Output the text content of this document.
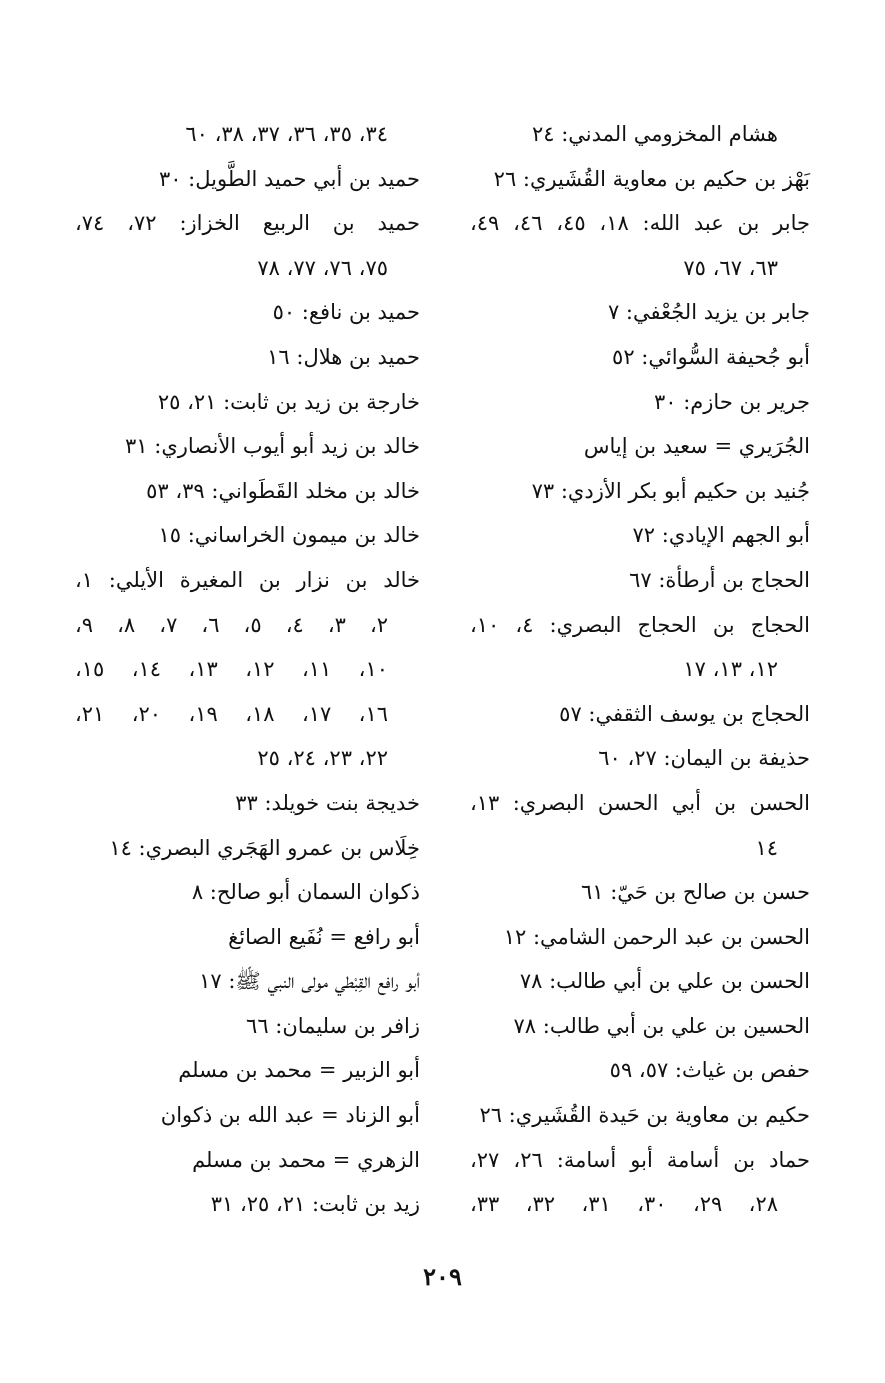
هشام المخزومي المدني: ٢٤
بَهْز بن حكيم بن معاوية القُشَيري: ٢٦
جابر بن عبد الله: ١٨، ٤٥، ٤٦، ٤٩،
٦٣، ٦٧، ٧٥
جابر بن يزيد الجُعْفي: ٧
أبو جُحيفة السُّوائي: ٥٢
جرير بن حازم: ٣٠
الجُرَيري = سعيد بن إياس
جُنيد بن حكيم أبو بكر الأزدي: ٧٣
أبو الجهم الإيادي: ٧٢
الحجاج بن أرطأة: ٦٧
الحجاج بن الحجاج البصري: ٤، ١٠،
١٢، ١٣، ١٧
الحجاج بن يوسف الثقفي: ٥٧
حذيفة بن اليمان: ٢٧، ٦٠
الحسن بن أبي الحسن البصري: ١٣،
١٤
حسن بن صالح بن حَيّ: ٦١
الحسن بن عبد الرحمن الشامي: ١٢
الحسن بن علي بن أبي طالب: ٧٨
الحسين بن علي بن أبي طالب: ٧٨
حفص بن غياث: ٥٧، ٥٩
حكيم بن معاوية بن حَيدة القُشَيري: ٢٦
حماد بن أسامة أبو أسامة: ٢٦، ٢٧،
٢٨، ٢٩، ٣٠، ٣١، ٣٢، ٣٣،
٣٤، ٣٥، ٣٦، ٣٧، ٣٨، ٦٠
حميد بن أبي حميد الطَّويل: ٣٠
حميد بن الربيع الخزاز: ٧٢، ٧٤،
٧٥، ٧٦، ٧٧، ٧٨
حميد بن نافع: ٥٠
حميد بن هلال: ١٦
خارجة بن زيد بن ثابت: ٢١، ٢٥
خالد بن زيد أبو أيوب الأنصاري: ٣١
خالد بن مخلد القَطَواني: ٣٩، ٥٣
خالد بن ميمون الخراساني: ١٥
خالد بن نزار بن المغيرة الأيلي: ١،
٢، ٣، ٤، ٥، ٦، ٧، ٨، ٩،
١٠، ١١، ١٢، ١٣، ١٤، ١٥،
١٦، ١٧، ١٨، ١٩، ٢٠، ٢١،
٢٢، ٢٣، ٢٤، ٢٥
خديجة بنت خويلد: ٣٣
خِلَاس بن عمرو الهَجَري البصري: ١٤
ذكوان السمان أبو صالح: ٨
أبو رافع = نُفَيع الصائغ
أبو رافع القِبْطي مولى النبي ﷺ: ١٧
زافر بن سليمان: ٦٦
أبو الزبير = محمد بن مسلم
أبو الزناد = عبد الله بن ذكوان
الزهري = محمد بن مسلم
زيد بن ثابت: ٢١، ٢٥، ٣١
٢٠٩
